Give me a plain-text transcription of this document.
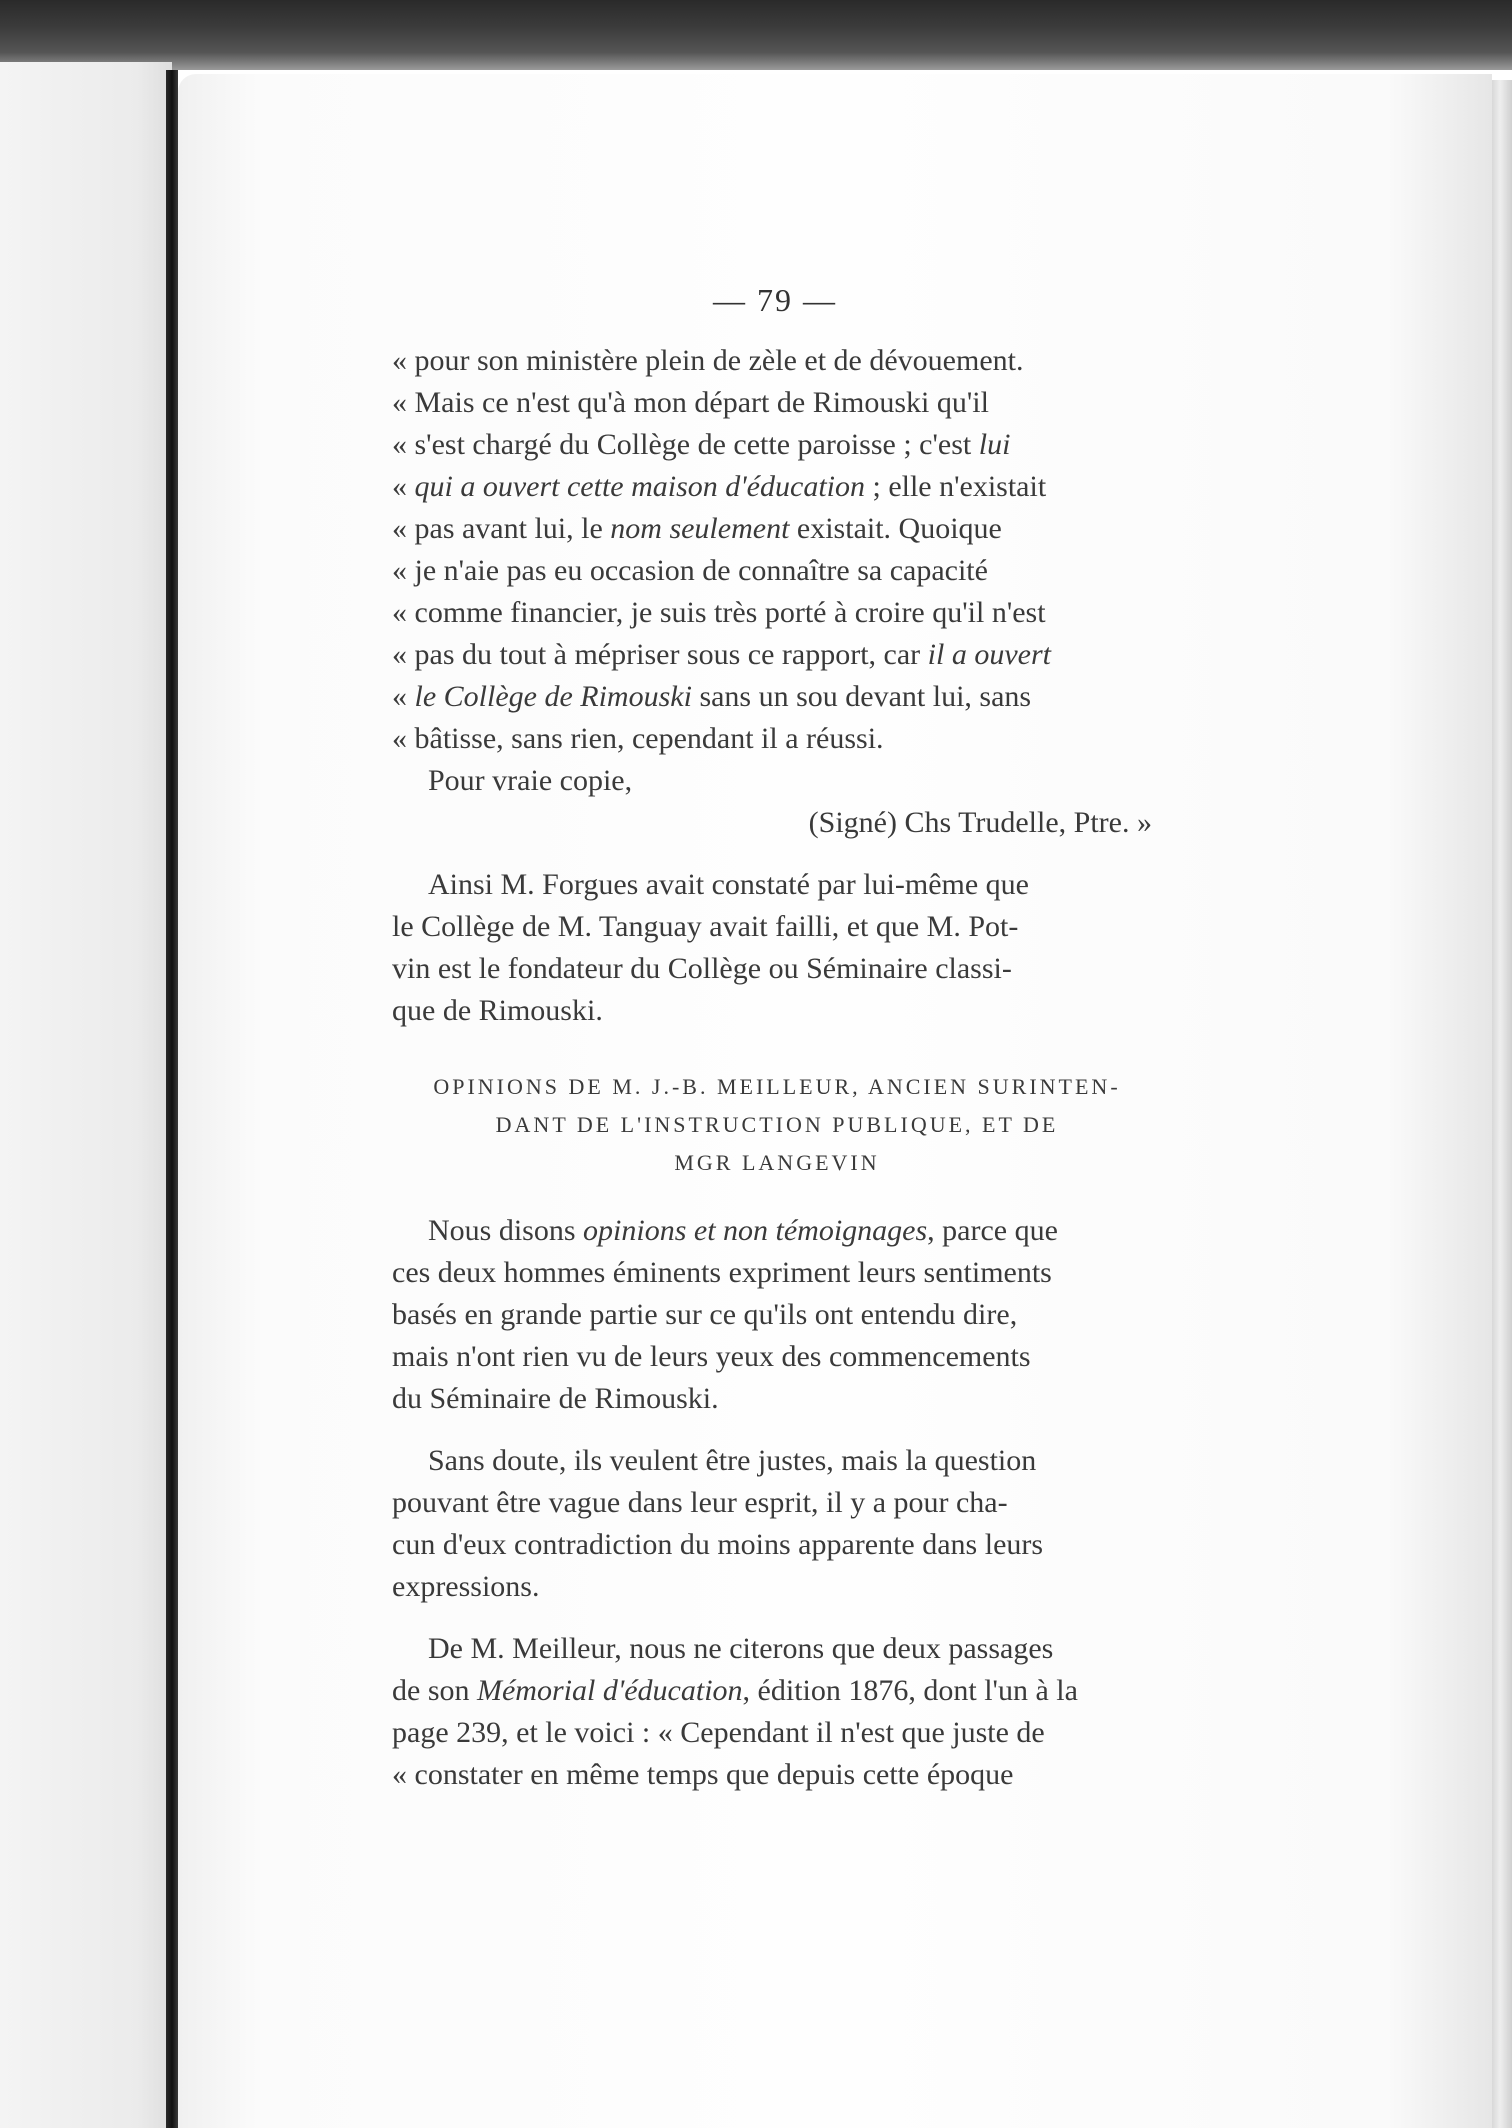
— 79 —
« pour son ministère plein de zèle et de dévouement.
« Mais ce n'est qu'à mon départ de Rimouski qu'il
« s'est chargé du Collège de cette paroisse ; c'est lui
« qui a ouvert cette maison d'éducation ; elle n'existait
« pas avant lui, le nom seulement existait. Quoique
« je n'aie pas eu occasion de connaître sa capacité
« comme financier, je suis très porté à croire qu'il n'est
« pas du tout à mépriser sous ce rapport, car il a ouvert
« le Collège de Rimouski sans un sou devant lui, sans
« bâtisse, sans rien, cependant il a réussi.
Pour vraie copie,
(Signé) Chs Trudelle, Ptre. »
Ainsi M. Forgues avait constaté par lui-même que
le Collège de M. Tanguay avait failli, et que M. Pot-
vin est le fondateur du Collège ou Séminaire classi-
que de Rimouski.
OPINIONS DE M. J.-B. MEILLEUR, ANCIEN SURINTEN-
DANT DE L'INSTRUCTION PUBLIQUE, ET DE
MGR LANGEVIN
Nous disons opinions et non témoignages, parce que
ces deux hommes éminents expriment leurs sentiments
basés en grande partie sur ce qu'ils ont entendu dire,
mais n'ont rien vu de leurs yeux des commencements
du Séminaire de Rimouski.
Sans doute, ils veulent être justes, mais la question
pouvant être vague dans leur esprit, il y a pour cha-
cun d'eux contradiction du moins apparente dans leurs
expressions.
De M. Meilleur, nous ne citerons que deux passages
de son Mémorial d'éducation, édition 1876, dont l'un à la
page 239, et le voici : « Cependant il n'est que juste de
« constater en même temps que depuis cette époque
